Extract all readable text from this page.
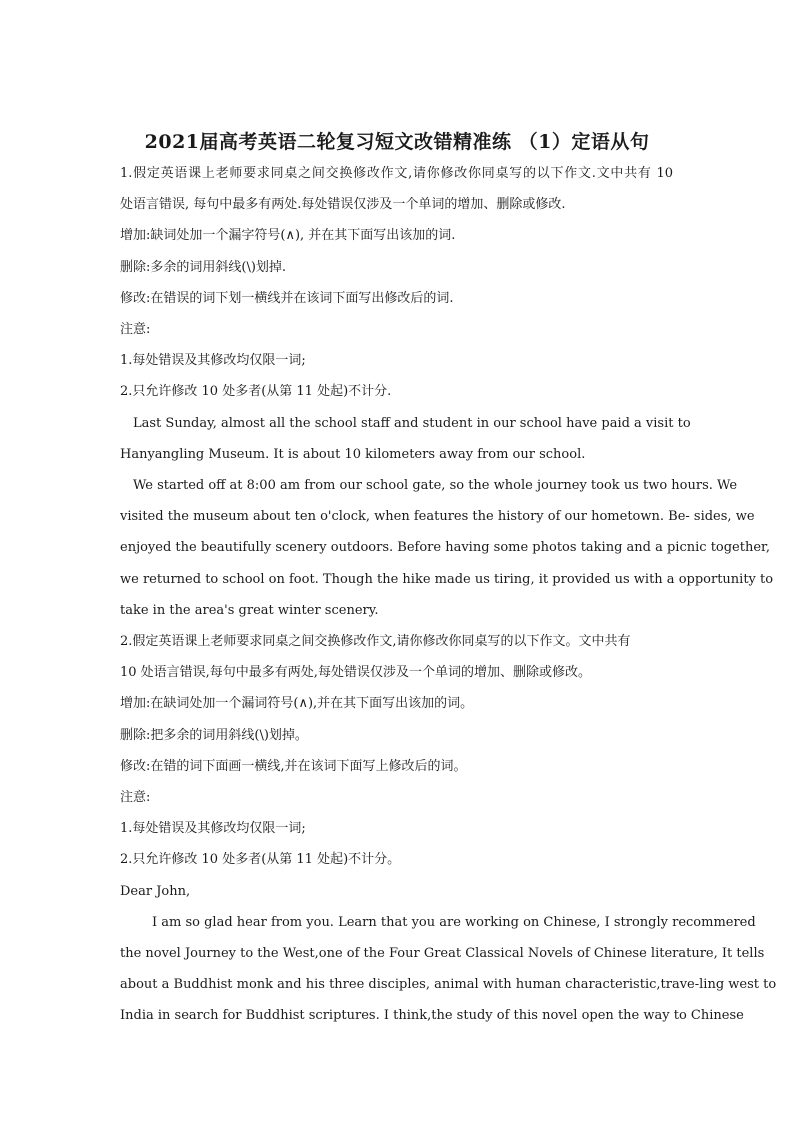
2021届高考英语二轮复习短文改错精准练 （1）定语从句
1.假定英语课上老师要求同桌之间交换修改作文,请你修改你同桌写的以下作文.文中共有 10
处语言错误, 每句中最多有两处.每处错误仅涉及一个单词的增加、删除或修改.
增加:缺词处加一个漏字符号(∧), 并在其下面写出该加的词.
删除:多余的词用斜线(\)划掉.
修改:在错误的词下划一横线并在该词下面写出修改后的词.
注意:
1.每处错误及其修改均仅限一词;
2.只允许修改 10 处多者(从第 11 处起)不计分.
Last Sunday, almost all the school staff and student in our school have paid a visit to
Hanyangling Museum. It is about 10 kilometers away from our school.
We started off at 8:00 am from our school gate, so the whole journey took us two hours. We
visited the museum about ten o'clock, when features the history of our hometown. Be- sides, we
enjoyed the beautifully scenery outdoors. Before having some photos taking and a picnic together,
we returned to school on foot. Though the hike made us tiring, it provided us with a opportunity to
take in the area's great winter scenery.
2.假定英语课上老师要求同桌之间交换修改作文,请你修改你同桌写的以下作文。文中共有
10 处语言错误,每句中最多有两处,每处错误仅涉及一个单词的增加、删除或修改。
增加:在缺词处加一个漏词符号(∧),并在其下面写出该加的词。
删除:把多余的词用斜线(\)划掉。
修改:在错的词下面画一横线,并在该词下面写上修改后的词。
注意:
1.每处错误及其修改均仅限一词;
2.只允许修改 10 处多者(从第 11 处起)不计分。
Dear John,
I am so glad hear from you. Learn that you are working on Chinese, I strongly recommered
the novel Journey to the West,one of the Four Great Classical Novels of Chinese literature, It tells
about a Buddhist monk and his three disciples, animal with human characteristic,trave-ling west to
India in search for Buddhist scriptures. I think,the study of this novel open the way to Chinese
